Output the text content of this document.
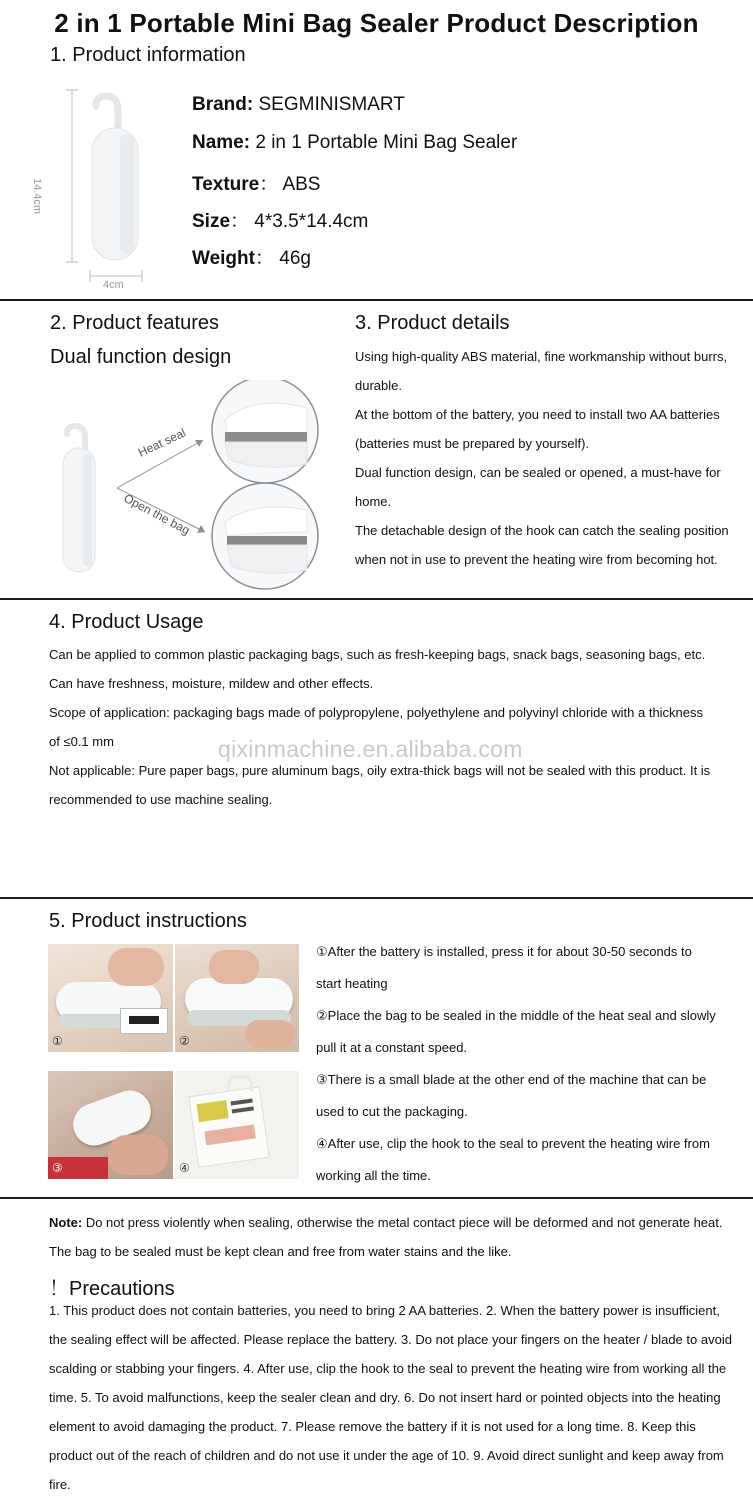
2 in 1 Portable Mini Bag Sealer Product Description
1. Product information
14.4cm
4cm
Brand: SEGMINISMART
Name: 2 in 1 Portable Mini Bag Sealer
Texture： ABS
Size： 4*3.5*14.4cm
Weight： 46g
2. Product features
Dual function design
Heat seal
Open the bag
3. Product details
Using high-quality ABS material, fine workmanship without burrs,
durable.
At the bottom of the battery, you need to install two AA batteries
(batteries must be prepared by yourself).
Dual function design, can be sealed or opened, a must-have for
home.
The detachable design of the hook can catch the sealing position
when not in use to prevent the heating wire from becoming hot.
4. Product Usage
Can be applied to common plastic packaging bags, such as fresh-keeping bags, snack bags, seasoning bags, etc.
Can have freshness, moisture, mildew and other effects.
Scope of application: packaging bags made of polypropylene, polyethylene and polyvinyl chloride with a thickness
of ≤0.1 mm
Not applicable: Pure paper bags, pure aluminum bags, oily extra-thick bags will not be sealed with this product. It is
recommended to use machine sealing.
qixinmachine.en.alibaba.com
5. Product instructions
①	②
③	④
①After the battery is installed, press it for about 30-50 seconds to
start heating
②Place the bag to be sealed in the middle of the heat seal and slowly
pull it at a constant speed.
③There is a small blade at the other end of the machine that can be
used to cut the packaging.
④After use, clip the hook to the seal to prevent the heating wire from
working all the time.
Note: Do not press violently when sealing, otherwise the metal contact piece will be deformed and not generate heat.
The bag to be sealed must be kept clean and free from water stains and the like.
！Precautions
1. This product does not contain batteries, you need to bring 2 AA batteries. 2. When the battery power is insufficient,
the sealing effect will be affected. Please replace the battery. 3. Do not place your fingers on the heater / blade to avoid
scalding or stabbing your fingers. 4. After use, clip the hook to the seal to prevent the heating wire from working all the
time. 5. To avoid malfunctions, keep the sealer clean and dry. 6. Do not insert hard or pointed objects into the heating
element to avoid damaging the product. 7. Please remove the battery if it is not used for a long time. 8. Keep this
product out of the reach of children and do not use it under the age of 10. 9. Avoid direct sunlight and keep away from
fire.
